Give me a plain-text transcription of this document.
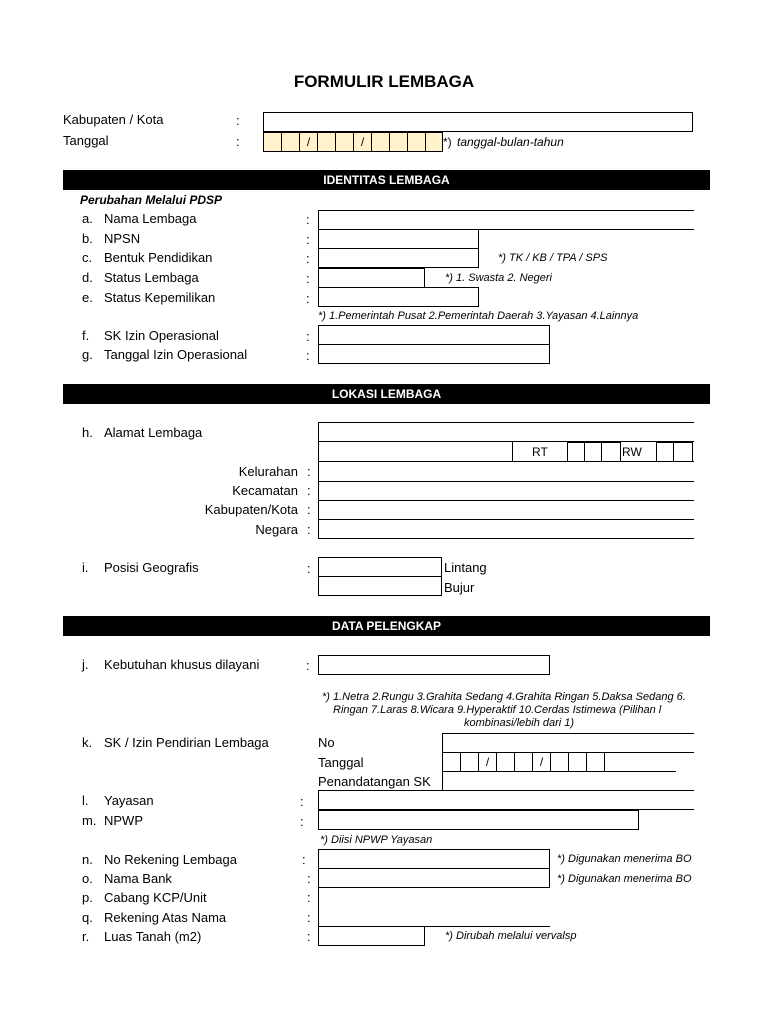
FORMULIR LEMBAGA
Kabupaten / Kota	:
Tanggal	:	/	/	*) tanggal-bulan-tahun
IDENTITAS LEMBAGA
Perubahan Melalui PDSP
a. Nama Lembaga	:
b. NPSN	:
c. Bentuk Pendidikan	:	*) TK / KB / TPA / SPS
d. Status Lembaga	:	*) 1. Swasta 2. Negeri
e. Status Kepemilikan	:
*) 1.Pemerintah Pusat 2.Pemerintah Daerah 3.Yayasan 4.Lainnya
f. SK Izin Operasional	:
g. Tanggal Izin Operasional	:
LOKASI LEMBAGA
h. Alamat Lembaga
RT	RW
Kelurahan :
Kecamatan :
Kabupaten/Kota :
Negara :
i. Posisi Geografis	:	Lintang
Bujur
DATA PELENGKAP
j. Kebutuhan khusus dilayani	:
*) 1.Netra 2.Rungu 3.Grahita Sedang 4.Grahita Ringan 5.Daksa Sedang 6.
Ringan 7.Laras 8.Wicara 9.Hyperaktif 10.Cerdas Istimewa (Pilihan l
kombinasi/lebih dari 1)
k. SK / Izin Pendirian Lembaga	No
Tanggal	/	/
Penandatangan SK
l. Yayasan	:
m. NPWP	:
*) Diisi NPWP Yayasan
n. No Rekening Lembaga	:	*) Digunakan menerima BO
o. Nama Bank	:	*) Digunakan menerima BO
p. Cabang KCP/Unit	:
q. Rekening Atas Nama	:
r. Luas Tanah (m2)	:	*) Dirubah melalui vervalsp
